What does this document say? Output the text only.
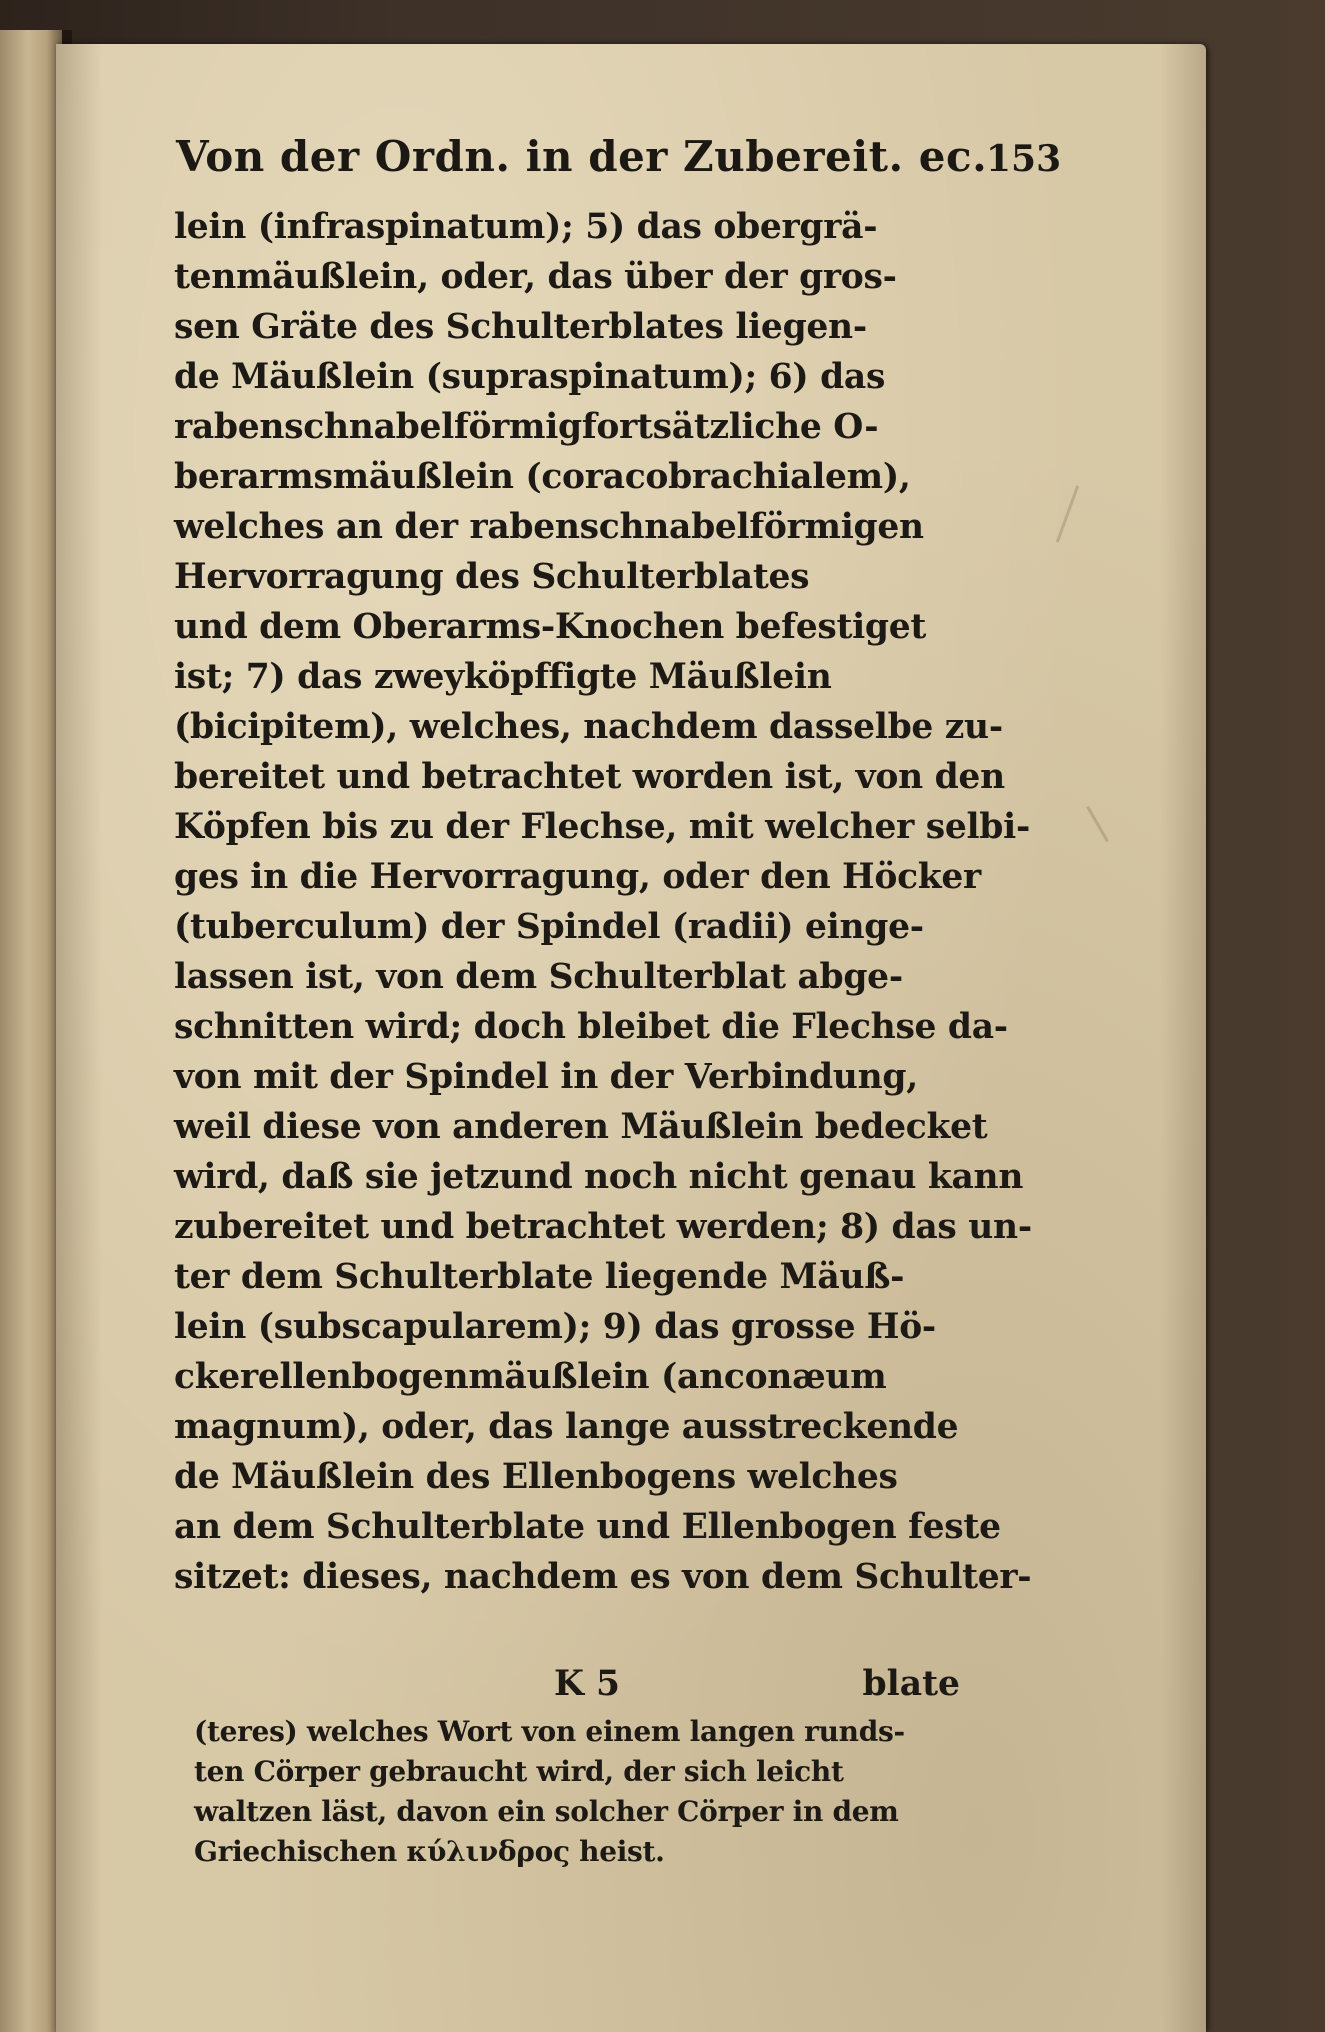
Von der Ordn. in der Zubereit. ec.
153
lein (infraspinatum); 5) das obergrä-
tenmäußlein, oder, das über der gros-
sen Gräte des Schulterblates liegen-
de Mäußlein (supraspinatum); 6) das
rabenschnabelförmigfortsätzliche O-
berarmsmäußlein (coracobrachialem),
welches an der rabenschnabelförmigen
Hervorragung des Schulterblates
und dem Oberarms-Knochen befestiget
ist; 7) das zweyköpffigte Mäußlein
(bicipitem), welches, nachdem dasselbe zu-
bereitet und betrachtet worden ist, von den
Köpfen bis zu der Flechse, mit welcher selbi-
ges in die Hervorragung, oder den Höcker
(tuberculum) der Spindel (radii) einge-
lassen ist, von dem Schulterblat abge-
schnitten wird; doch bleibet die Flechse da-
von mit der Spindel in der Verbindung,
weil diese von anderen Mäußlein bedecket
wird, daß sie jetzund noch nicht genau kann
zubereitet und betrachtet werden; 8) das un-
ter dem Schulterblate liegende Mäuß-
lein (subscapularem); 9) das grosse Hö-
ckerellenbogenmäußlein (anconæum
magnum), oder, das lange ausstreckende
de Mäußlein des Ellenbogens welches
an dem Schulterblate und Ellenbogen feste
sitzet: dieses, nachdem es von dem Schulter-
K 5	blate
(teres) welches Wort von einem langen runds-
ten Cörper gebraucht wird, der sich leicht
waltzen läst, davon ein solcher Cörper in dem
Griechischen κύλινδρος heist.
